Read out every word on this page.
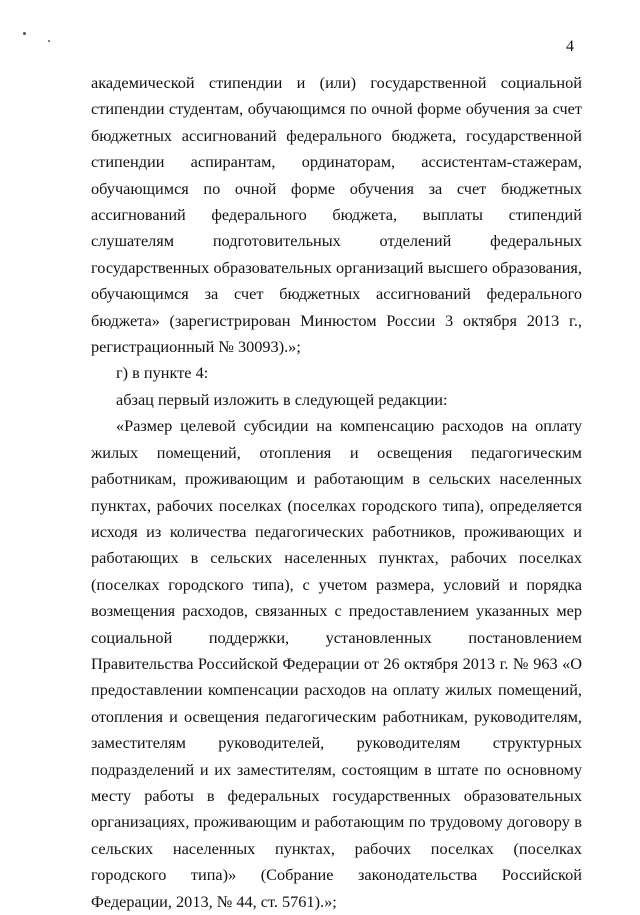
4

академической стипендии и (или) государственной социальной стипендии студентам, обучающимся по очной форме обучения за счет бюджетных ассигнований федерального бюджета, государственной стипендии аспирантам, ординаторам, ассистентам-стажерам, обучающимся по очной форме обучения за счет бюджетных ассигнований федерального бюджета, выплаты стипендий слушателям подготовительных отделений федеральных государственных образовательных организаций высшего образования, обучающимся за счет бюджетных ассигнований федерального бюджета» (зарегистрирован Минюстом России 3 октября 2013 г., регистрационный № 30093).»;

г) в пункте 4:

абзац первый изложить в следующей редакции:

«Размер целевой субсидии на компенсацию расходов на оплату жилых помещений, отопления и освещения педагогическим работникам, проживающим и работающим в сельских населенных пунктах, рабочих поселках (поселках городского типа), определяется исходя из количества педагогических работников, проживающих и работающих в сельских населенных пунктах, рабочих поселках (поселках городского типа), с учетом размера, условий и порядка возмещения расходов, связанных с предоставлением указанных мер социальной поддержки, установленных постановлением Правительства Российской Федерации от 26 октября 2013 г. № 963 «О предоставлении компенсации расходов на оплату жилых помещений, отопления и освещения педагогическим работникам, руководителям, заместителям руководителей, руководителям структурных подразделений и их заместителям, состоящим в штате по основному месту работы в федеральных государственных образовательных организациях, проживающим и работающим по трудовому договору в сельских населенных пунктах, рабочих поселках (поселках городского типа)» (Собрание законодательства Российской Федерации, 2013, № 44, ст. 5761).»;
